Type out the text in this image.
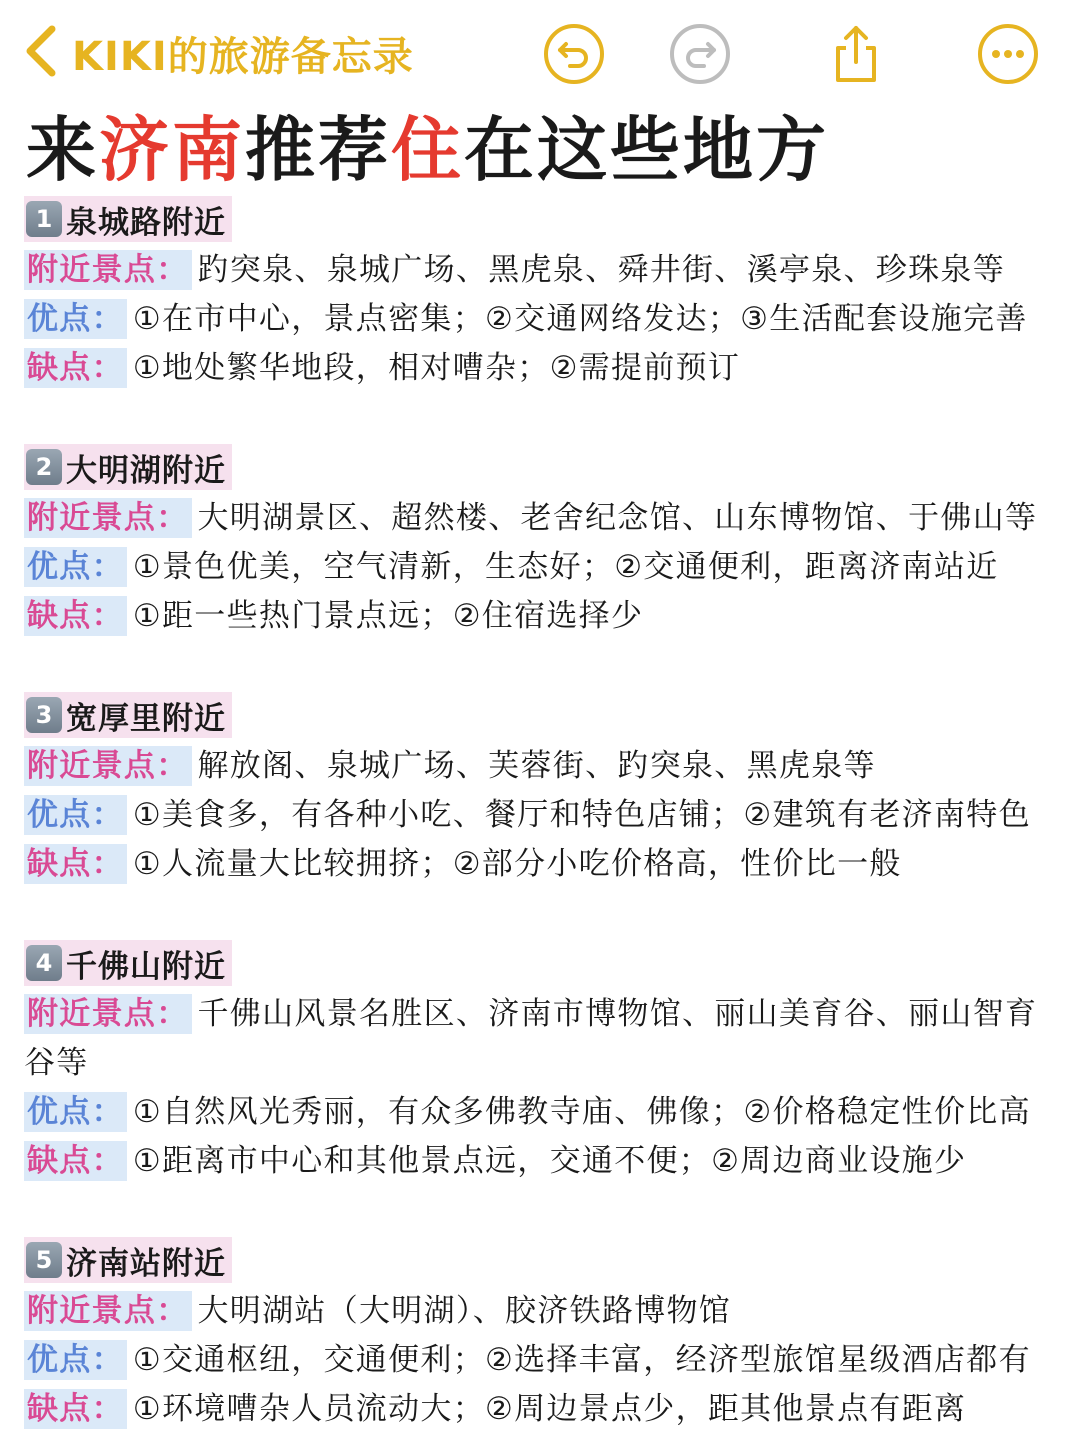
KIKI的旅游备忘录
来济南推荐住在这些地方
1 泉城路附近
附近景点： 趵突泉、泉城广场、黑虎泉、舜井街、溪亭泉、珍珠泉等
优点： ①在市中心，景点密集；②交通网络发达；③生活配套设施完善
缺点： ①地处繁华地段，相对嘈杂；②需提前预订
2 大明湖附近
附近景点： 大明湖景区、超然楼、老舍纪念馆、山东博物馆、于佛山等
优点： ①景色优美，空气清新，生态好；②交通便利，距离济南站近
缺点： ①距一些热门景点远；②住宿选择少
3 宽厚里附近
附近景点： 解放阁、泉城广场、芙蓉街、趵突泉、黑虎泉等
优点： ①美食多，有各种小吃、餐厅和特色店铺；②建筑有老济南特色
缺点： ①人流量大比较拥挤；②部分小吃价格高，性价比一般
4 千佛山附近
附近景点： 千佛山风景名胜区、济南市博物馆、丽山美育谷、丽山智育谷等
优点： ①自然风光秀丽，有众多佛教寺庙、佛像；②价格稳定性价比高
缺点： ①距离市中心和其他景点远，交通不便；②周边商业设施少
5 济南站附近
附近景点： 大明湖站（大明湖）、胶济铁路博物馆
优点： ①交通枢纽，交通便利；②选择丰富，经济型旅馆星级酒店都有
缺点： ①环境嘈杂人员流动大；②周边景点少，距其他景点有距离
